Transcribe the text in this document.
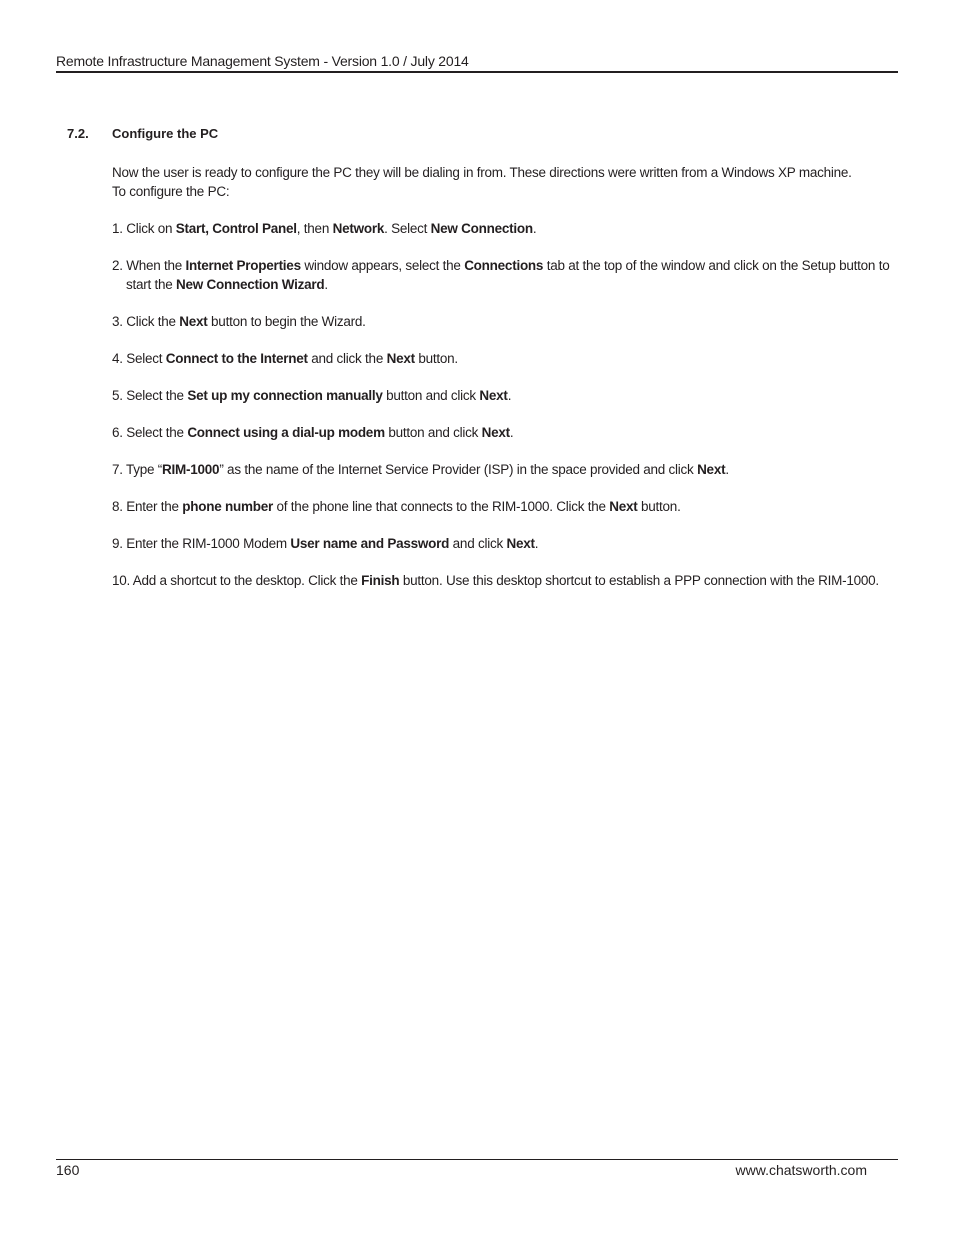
Remote Infrastructure Management System - Version 1.0 / July 2014
7.2. Configure the PC

Now the user is ready to configure the PC they will be dialing in from. These directions were written from a Windows XP machine.
To configure the PC:

1. Click on Start, Control Panel, then Network. Select New Connection.

2. When the Internet Properties window appears, select the Connections tab at the top of the window and click on the Setup button to start the New Connection Wizard.

3. Click the Next button to begin the Wizard.

4. Select Connect to the Internet and click the Next button.

5. Select the Set up my connection manually button and click Next.

6. Select the Connect using a dial-up modem button and click Next.

7. Type “RIM-1000” as the name of the Internet Service Provider (ISP) in the space provided and click Next.

8. Enter the phone number of the phone line that connects to the RIM-1000. Click the Next button.

9. Enter the RIM-1000 Modem User name and Password and click Next.

10. Add a shortcut to the desktop. Click the Finish button. Use this desktop shortcut to establish a PPP connection with the RIM-1000.

160	www.chatsworth.com
